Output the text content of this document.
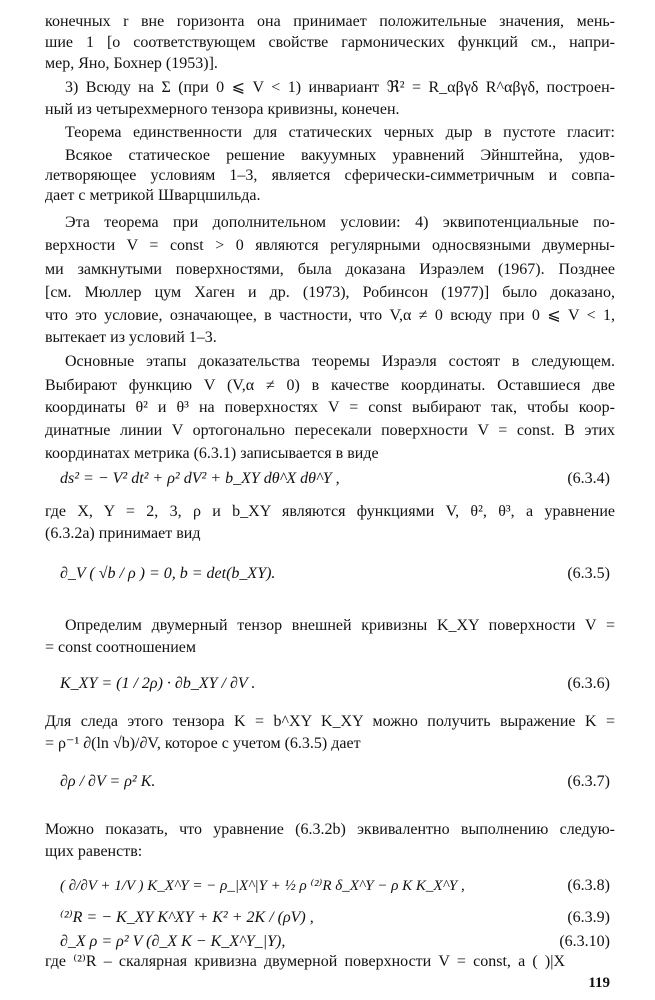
конечных r вне горизонта она принимает положительные значения, мень-
шие 1 [о соответствующем свойстве гармонических функций см., напри-
мер, Яно, Бохнер (1953)].
3) Всюду на Σ (при 0 ⩽ V < 1) инвариант ℜ² = R_αβγδ R^αβγδ, построен-
ный из четырехмерного тензора кривизны, конечен.
Теорема единственности для статических черных дыр в пустоте гласит:
Всякое статическое решение вакуумных уравнений Эйнштейна, удов-
летворяющее условиям 1–3, является сферически-симметричным и совпа-
дает с метрикой Шварцшильда.
Эта теорема при дополнительном условии: 4) эквипотенциальные по-
верхности V = const > 0 являются регулярными односвязными двумерны-
ми замкнутыми поверхностями, была доказана Израэлем (1967). Позднее
[см. Мюллер цум Хаген и др. (1973), Робинсон (1977)] было доказано,
что это условие, означающее, в частности, что V,α ≠ 0 всюду при 0 ⩽ V < 1,
вытекает из условий 1–3.
Основные этапы доказательства теоремы Израэля состоят в следующем.
Выбирают функцию V (V,α ≠ 0) в качестве координаты. Оставшиеся две
координаты θ² и θ³ на поверхностях V = const выбирают так, чтобы коор-
динатные линии V ортогонально пересекали поверхности V = const. В этих
координатах метрика (6.3.1) записывается в виде
ds² = − V² dt² + ρ² dV² + b_XY dθ^X dθ^Y ,	(6.3.4)
где X, Y = 2, 3, ρ и b_XY являются функциями V, θ², θ³, а уравнение
(6.3.2a) принимает вид
∂_V ( √b / ρ ) = 0, b = det(b_XY).	(6.3.5)
Определим двумерный тензор внешней кривизны K_XY поверхности V =
= const соотношением
K_XY = (1 / 2ρ) · ∂b_XY / ∂V .	(6.3.6)
Для следа этого тензора K = b^XY K_XY можно получить выражение K =
= ρ⁻¹ ∂(ln √b)/∂V, которое с учетом (6.3.5) дает
∂ρ / ∂V = ρ² K.	(6.3.7)
Можно показать, что уравнение (6.3.2b) эквивалентно выполнению следую-
щих равенств:
( ∂/∂V + 1/V ) K_X^Y = − ρ_|X^|Y + ½ ρ ⁽²⁾R δ_X^Y − ρ K K_X^Y ,	(6.3.8)
⁽²⁾R = − K_XY K^XY + K² + 2K / (ρV) ,	(6.3.9)
∂_X ρ = ρ² V (∂_X K − K_X^Y_|Y),	(6.3.10)
где ⁽²⁾R – скалярная кривизна двумерной поверхности V = const, а ( )|X
119
